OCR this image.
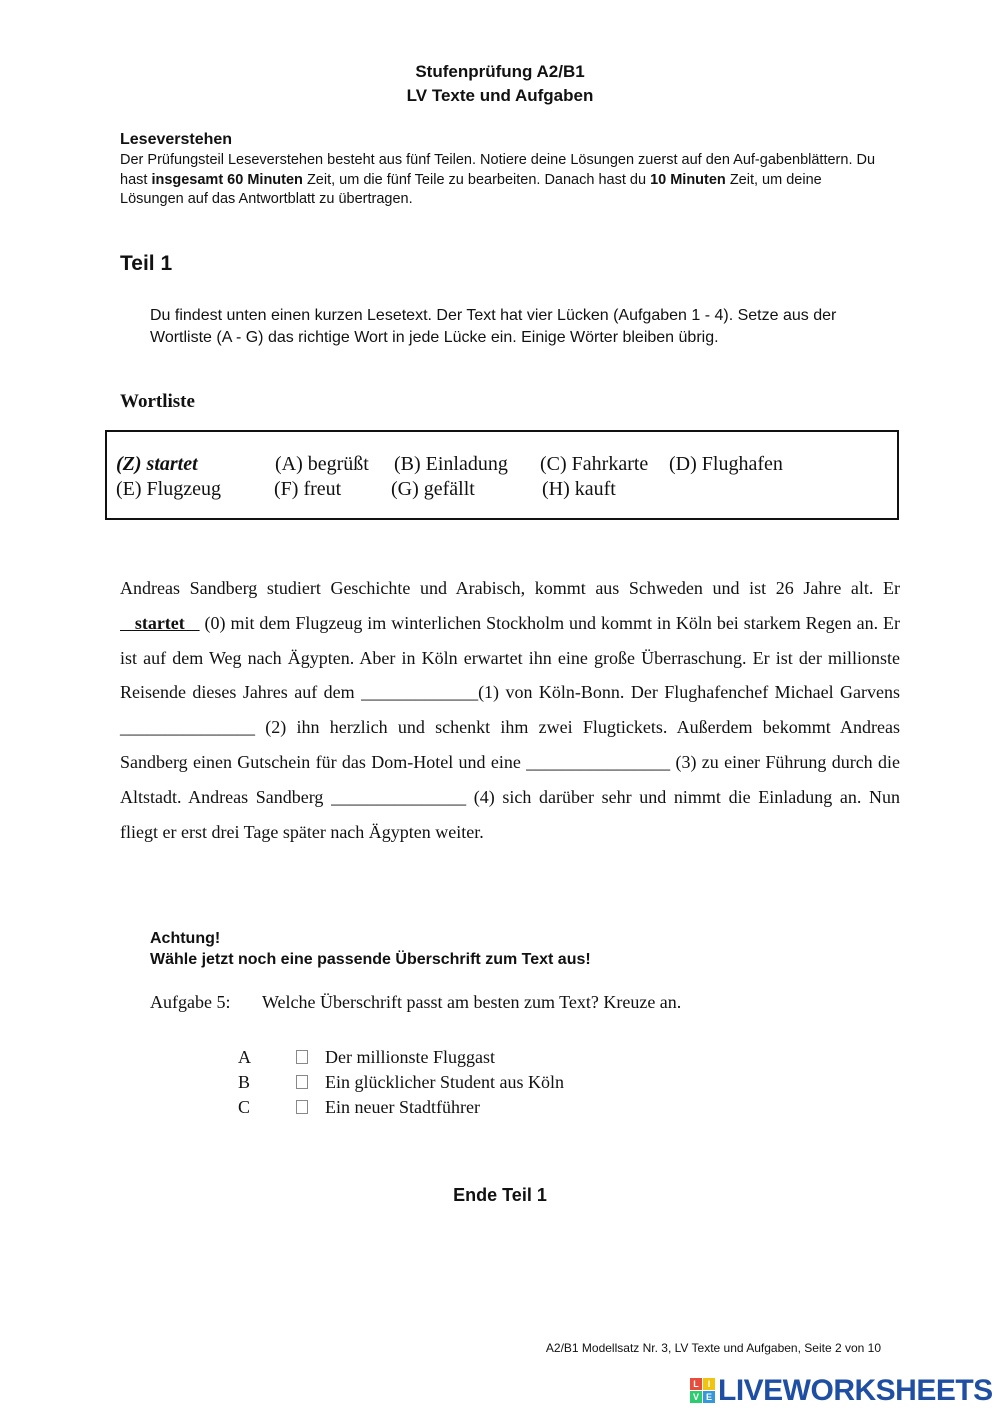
Stufenprüfung A2/B1
LV Texte und Aufgaben
Leseverstehen
Der Prüfungsteil Leseverstehen besteht aus fünf Teilen. Notiere deine Lösungen zuerst auf den Auf-gabenblättern. Du hast insgesamt 60 Minuten Zeit, um die fünf Teile zu bearbeiten. Danach hast du 10 Minuten Zeit, um deine Lösungen auf das Antwortblatt zu übertragen.
Teil 1
Du findest unten einen kurzen Lesetext. Der Text hat vier Lücken (Aufgaben 1 - 4). Setze aus der Wortliste (A - G) das richtige Wort in jede Lücke ein. Einige Wörter bleiben übrig.
Wortliste
(Z) startet	(A) begrüßt (B) Einladung (C) Fahrkarte (D) Flughafen
(E) Flugzeug	(F) freut (G) gefällt	(H) kauft
Andreas Sandberg studiert Geschichte und Arabisch, kommt aus Schweden und ist 26 Jahre alt. Er    startet    (0) mit dem Flugzeug im winterlichen Stockholm und kommt in Köln bei starkem Regen an. Er ist auf dem Weg nach Ägypten. Aber in Köln erwartet ihn eine große Überraschung. Er ist der millionste Reisende dieses Jahres auf dem _____________(1) von Köln-Bonn. Der Flughafenchef Michael Garvens _______________ (2) ihn herzlich und schenkt ihm zwei Flugtickets. Außerdem bekommt Andreas Sandberg einen Gutschein für das Dom-Hotel und eine ________________ (3) zu einer Führung durch die Altstadt. Andreas Sandberg _______________ (4) sich darüber sehr und nimmt die Einladung an. Nun fliegt er erst drei Tage später nach Ägypten weiter.
Achtung!
Wähle jetzt noch eine passende Überschrift zum Text aus!
Aufgabe 5: Welche Überschrift passt am besten zum Text? Kreuze an.
A	Der millionste Fluggast
B	Ein glücklicher Student aus Köln
C	Ein neuer Stadtführer
Ende Teil 1
A2/B1 Modellsatz Nr. 3, LV Texte und Aufgaben, Seite 2 von 10
L I
V E LIVEWORKSHEETS
